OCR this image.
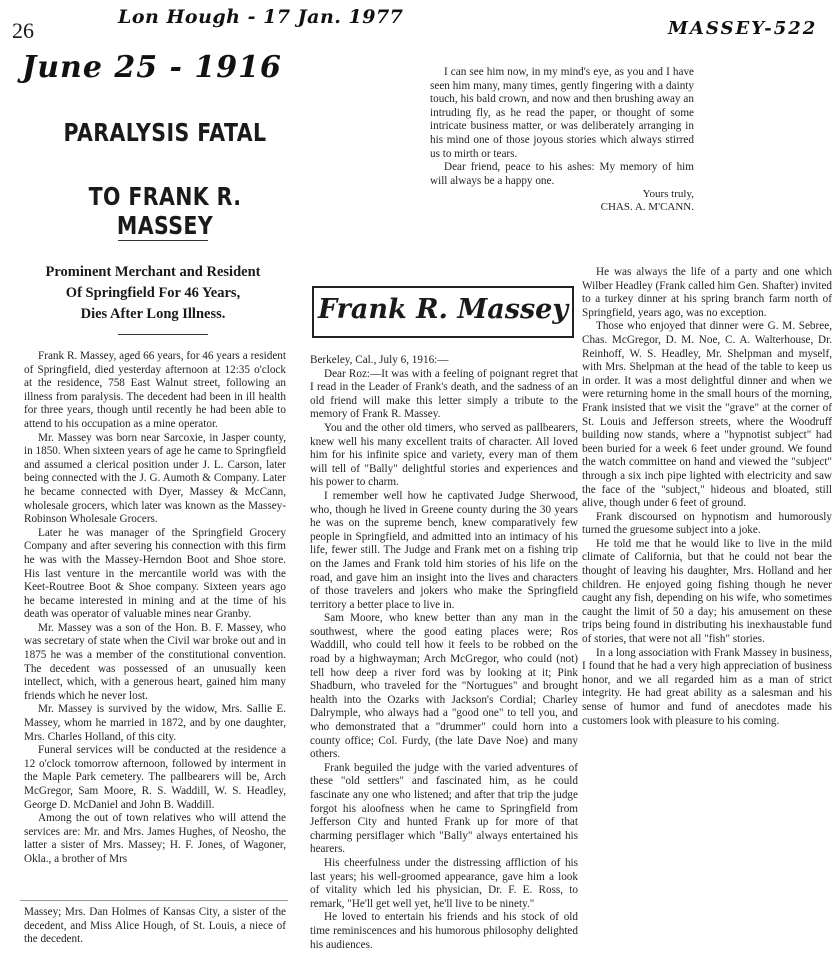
26
Lon Hough - 17 Jan. 1977
MASSEY-522
June 25 - 1916
PARALYSIS FATAL
TO FRANK R. MASSEY
Prominent Merchant and Resident
Of Springfield For 46 Years,
Dies After Long Illness.

Frank R. Massey, aged 66 years, for 46 years a resident of Springfield, died yesterday afternoon at 12:35 o'clock at the residence, 758 East Walnut street, following an illness from paralysis. The decedent had been in ill health for three years, though until recently he had been able to attend to his occupation as a mine operator.

Mr. Massey was born near Sarcoxie, in Jasper county, in 1850. When sixteen years of age he came to Springfield and assumed a clerical position under J. L. Carson, later being connected with the J. G. Aumoth & Company. Later he became connected with Dyer, Massey & McCann, wholesale grocers, which later was known as the Massey-Robinson Wholesale Grocers.

Later he was manager of the Springfield Grocery Company and after severing his connection with this firm he was with the Massey-Herndon Boot and Shoe store. His last venture in the mercantile world was with the Keet-Routree Boot & Shoe company. Sixteen years ago he became interested in mining and at the time of his death was operator of valuable mines near Granby.

Mr. Massey was a son of the Hon. B. F. Massey, who was secretary of state when the Civil war broke out and in 1875 he was a member of the constitutional convention. The decedent was possessed of an unusually keen intellect, which, with a generous heart, gained him many friends which he never lost.

Mr. Massey is survived by the widow, Mrs. Sallie E. Massey, whom he married in 1872, and by one daughter, Mrs. Charles Holland, of this city.

Funeral services will be conducted at the residence a 12 o'clock tomorrow afternoon, followed by interment in the Maple Park cemetery. The pallbearers will be, Arch McGregor, Sam Moore, R. S. Waddill, W. S. Headley, George D. McDaniel and John B. Waddill.

Among the out of town relatives who will attend the services are: Mr. and Mrs. James Hughes, of Neosho, the latter a sister of Mrs. Massey; H. F. Jones, of Wagoner, Okla., a brother of Mrs

Massey; Mrs. Dan Holmes of Kansas City, a sister of the decedent, and Miss Alice Hough, of St. Louis, a niece of the decedent.

I can see him now, in my mind's eye, as you and I have seen him many, many times, gently fingering with a dainty touch, his bald crown, and now and then brushing away an intruding fly, as he read the paper, or thought of some intricate business matter, or was deliberately arranging in his mind one of those joyous stories which always stirred us to mirth or tears.

Dear friend, peace to his ashes: My memory of him will always be a happy one.

Yours truly,
CHAS. A. M'CANN.
Frank R. Massey

Berkeley, Cal., July 6, 1916:—

Dear Roz:—It was with a feeling of poignant regret that I read in the Leader of Frank's death, and the sadness of an old friend will make this letter simply a tribute to the memory of Frank R. Massey.

You and the other old timers, who served as pallbearers, knew well his many excellent traits of character. All loved him for his infinite spice and variety, every man of them will tell of "Bally" delightful stories and experiences and his power to charm.

I remember well how he captivated Judge Sherwood, who, though he lived in Greene county during the 30 years he was on the supreme bench, knew comparatively few people in Springfield, and admitted into an intimacy of his life, fewer still. The Judge and Frank met on a fishing trip on the James and Frank told him stories of his life on the road, and gave him an insight into the lives and characters of those travelers and jokers who make the Springfield territory a better place to live in.

Sam Moore, who knew better than any man in the southwest, where the good eating places were; Ros Waddill, who could tell how it feels to be robbed on the road by a highwayman; Arch McGregor, who could (not) tell how deep a river ford was by looking at it; Pink Shadburn, who traveled for the "Nortugues" and brought health into the Ozarks with Jackson's Cordial; Charley Dalrymple, who always had a "good one" to tell you, and who demonstrated that a "drummer" could horn into a county office; Col. Furdy, (the late Dave Noe) and many others.

Frank beguiled the judge with the varied adventures of these "old settlers" and fascinated him, as he could fascinate any one who listened; and after that trip the judge forgot his aloofness when he came to Springfield from Jefferson City and hunted Frank up for more of that charming persiflager which "Bally" always entertained his hearers.

His cheerfulness under the distressing affliction of his last years; his well-groomed appearance, gave him a look of vitality which led his physician, Dr. F. E. Ross, to remark, "He'll get well yet, he'll live to be ninety."

He loved to entertain his friends and his stock of old time reminiscences and his humorous philosophy delighted his audiences.

He was always the life of a party and one which Wilber Headley (Frank called him Gen. Shafter) invited to a turkey dinner at his spring branch farm north of Springfield, years ago, was no exception.

Those who enjoyed that dinner were G. M. Sebree, Chas. McGregor, D. M. Noe, C. A. Walterhouse, Dr. Reinhoff, W. S. Headley, Mr. Shelpman and myself, with Mrs. Shelpman at the head of the table to keep us in order. It was a most delightful dinner and when we were returning home in the small hours of the morning, Frank insisted that we visit the "grave" at the corner of St. Louis and Jefferson streets, where the Woodruff building now stands, where a "hypnotist subject" had been buried for a week 6 feet under ground. We found the watch committee on hand and viewed the "subject" through a six inch pipe lighted with electricity and saw the face of the "subject," hideous and bloated, still alive, though under 6 feet of ground.

Frank discoursed on hypnotism and humorously turned the gruesome subject into a joke.

He told me that he would like to live in the mild climate of California, but that he could not bear the thought of leaving his daughter, Mrs. Holland and her children. He enjoyed going fishing though he never caught any fish, depending on his wife, who sometimes caught the limit of 50 a day; his amusement on these trips being found in distributing his inexhaustable fund of stories, that were not all "fish" stories.

In a long association with Frank Massey in business, I found that he had a very high appreciation of business honor, and we all regarded him as a man of strict integrity. He had great ability as a salesman and his sense of humor and fund of anecdotes made his customers look with pleasure to his coming.
